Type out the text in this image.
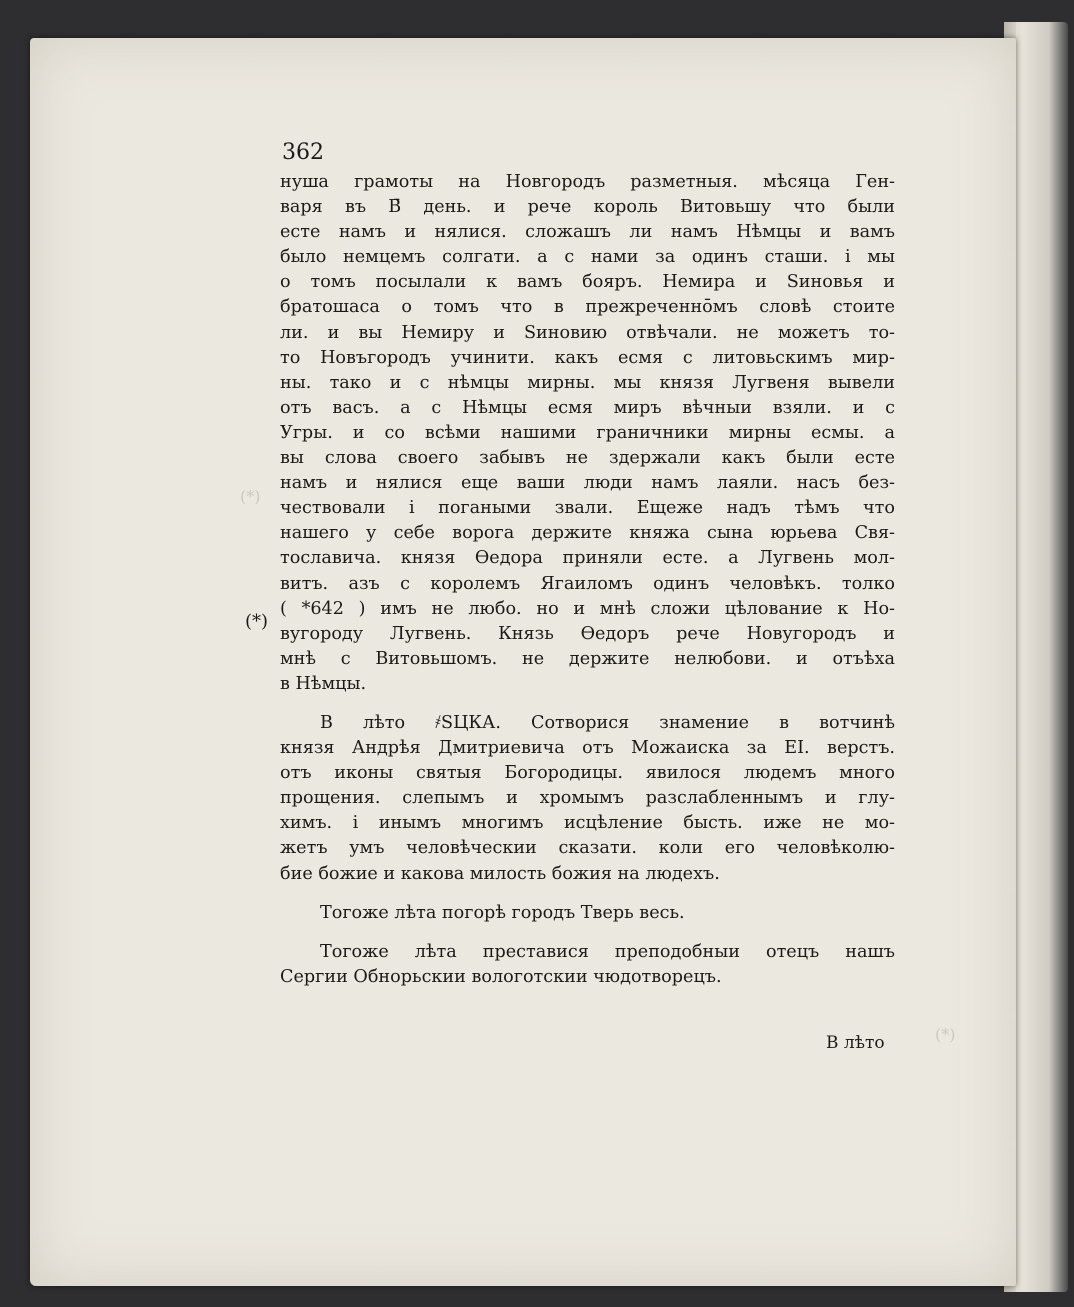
(*)
(*)
362
нуша грамоты на Новгородъ разметныя. мѣсяца Ген-
варя въ В̄ день. и рече король Витовьшу что были
есте намъ и нялися. сложашъ ли намъ Нѣмцы и вамъ
было немцемъ солгати. а с нами за одинъ сташи. і мы
о томъ посылали к вамъ бояръ. Немира и Ѕиновья и
братошаса о томъ что в прежреченно̄мъ словѣ стоите
ли. и вы Немиру и Ѕиновию отвѣчали. не можетъ то-
то Новъгородъ учинити. какъ есмя с литовьскимъ мир-
ны. тако и с нѣмцы мирны. мы князя Лугвеня вывели
отъ васъ. а с Нѣмцы есмя миръ вѣчныи взяли. и с
Угры. и со всѣми нашими граничники мирны есмы. а
вы слова своего забывъ не здержали какъ были есте
намъ и нялися еще ваши люди намъ лаяли. насъ без-
чествовали і погаными звали. Ещеже надъ тѣмъ что
нашего у себе ворога держите княжа сына юрьева Свя-
тославича. князя Ѳедора приняли есте. а Лугвень мол-
витъ. азъ с королемъ Ягаиломъ одинъ человѣкъ. толко
( *642 ) имъ не любо. но и мнѣ сложи цѣлование к Но-
вугороду Лугвень. Князь Ѳедоръ рече Новугородъ и
мнѣ с Витовьшомъ. не держите нелюбови. и отъѣха
в Нѣмцы.
В лѣто ҂ЅЦКА. Сотворися знамение в вотчинѣ
князя Андрѣя Дмитриевича отъ Можаиска за ЕI. верстъ.
отъ иконы святыя Богородицы. явилося людемъ много
прощения. слепымъ и хромымъ разслабленнымъ и глу-
химъ. і инымъ многимъ исцѣление бысть. иже не мо-
жетъ умъ человѣческии сказати. коли его человѣколю-
бие божие и какова милость божия на людехъ.
Тогоже лѣта погорѣ городъ Тверь весь.
Тогоже лѣта преставися преподобныи отецъ нашъ
Сергии Обнорьскии вологотскии чюдотворецъ.
(*)
В лѣто
